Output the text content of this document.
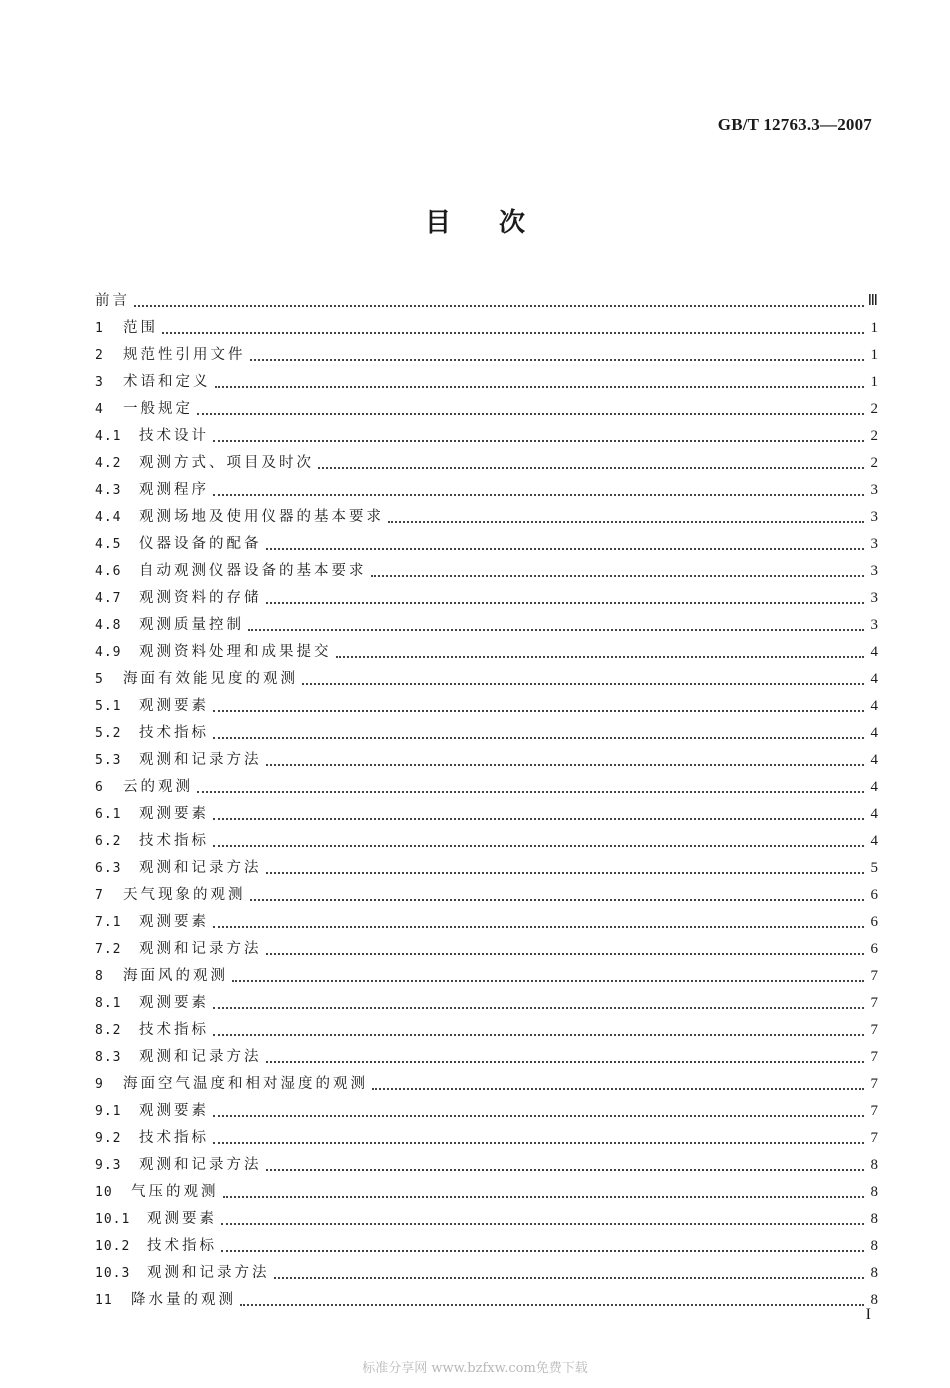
GB/T 12763.3—2007
目 次
前言	Ⅲ
1	范围	1
2	规范性引用文件	1
3	术语和定义	1
4	一般规定	2
4.1	技术设计	2
4.2	观测方式、项目及时次	2
4.3	观测程序	3
4.4	观测场地及使用仪器的基本要求	3
4.5	仪器设备的配备	3
4.6	自动观测仪器设备的基本要求	3
4.7	观测资料的存储	3
4.8	观测质量控制	3
4.9	观测资料处理和成果提交	4
5	海面有效能见度的观测	4
5.1	观测要素	4
5.2	技术指标	4
5.3	观测和记录方法	4
6	云的观测	4
6.1	观测要素	4
6.2	技术指标	4
6.3	观测和记录方法	5
7	天气现象的观测	6
7.1	观测要素	6
7.2	观测和记录方法	6
8	海面风的观测	7
8.1	观测要素	7
8.2	技术指标	7
8.3	观测和记录方法	7
9	海面空气温度和相对湿度的观测	7
9.1	观测要素	7
9.2	技术指标	7
9.3	观测和记录方法	8
10	气压的观测	8
10.1	观测要素	8
10.2	技术指标	8
10.3	观测和记录方法	8
11	降水量的观测	8
I
标准分享网 www.bzfxw.com免费下载
